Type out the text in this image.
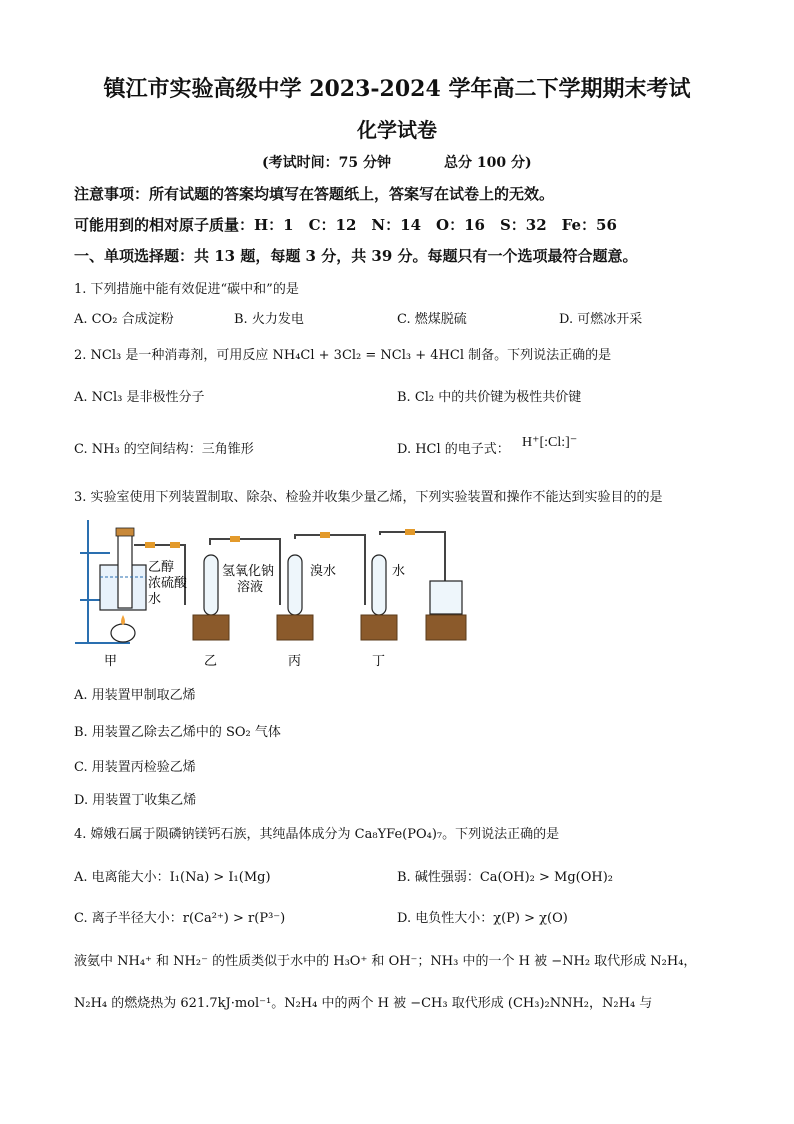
镇江市实验高级中学 2023-2024 学年高二下学期期末考试
化学试卷
(考试时间：75 分钟	总分 100 分)
注意事项：所有试题的答案均填写在答题纸上，答案写在试卷上的无效。
可能用到的相对原子质量：H：1　C：12　N：14　O：16　S：32　Fe：56
一、单项选择题：共 13 题，每题 3 分，共 39 分。每题只有一个选项最符合题意。
1. 下列措施中能有效促进“碳中和”的是
A. CO₂ 合成淀粉	B. 火力发电	C. 燃煤脱硫	D. 可燃冰开采
2. NCl₃ 是一种消毒剂，可用反应 NH₄Cl + 3Cl₂ = NCl₃ + 4HCl 制备。下列说法正确的是
A. NCl₃ 是非极性分子	B. Cl₂ 中的共价键为极性共价键
C. NH₃ 的空间结构：三角锥形	D. HCl 的电子式： H⁺[:Cl:]⁻
3. 实验室使用下列装置制取、除杂、检验并收集少量乙烯，下列实验装置和操作不能达到实验目的的是
乙醇
浓硫酸
水
氢氧化钠
溶液
溴水	水
甲	乙	丙	丁
A. 用装置甲制取乙烯
B. 用装置乙除去乙烯中的 SO₂ 气体
C. 用装置丙检验乙烯
D. 用装置丁收集乙烯
4. 嫦娥石属于陨磷钠镁钙石族，其纯晶体成分为 Ca₈YFe(PO₄)₇。下列说法正确的是
A. 电离能大小：I₁(Na) > I₁(Mg)	B. 碱性强弱：Ca(OH)₂ > Mg(OH)₂
C. 离子半径大小：r(Ca²⁺) > r(P³⁻)	D. 电负性大小：χ(P) > χ(O)
液氨中 NH₄⁺ 和 NH₂⁻ 的性质类似于水中的 H₃O⁺ 和 OH⁻；NH₃ 中的一个 H 被 −NH₂ 取代形成 N₂H₄，
N₂H₄ 的燃烧热为 621.7kJ·mol⁻¹。N₂H₄ 中的两个 H 被 −CH₃ 取代形成 (CH₃)₂NNH₂，N₂H₄ 与
